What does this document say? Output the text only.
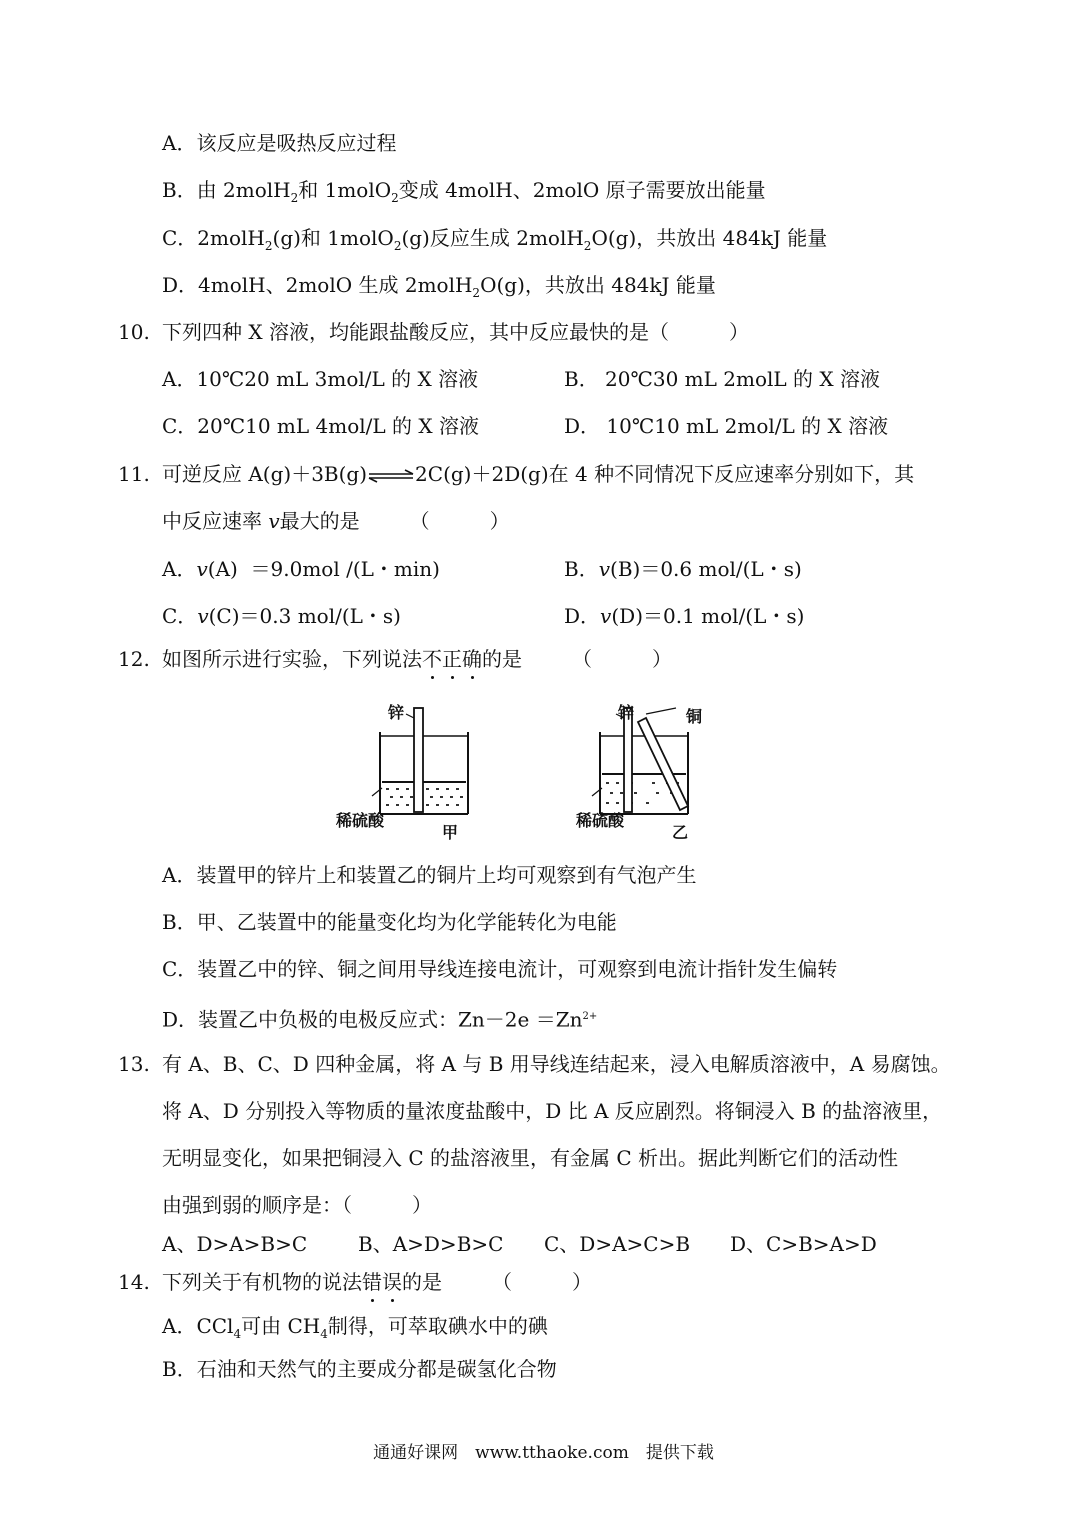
A．该反应是吸热反应过程
B．由 2molH$_2$和 1molO$_2$变成 4molH、2molO 原子需要放出能量
C．2molH$_2$(g)和 1molO$_2$(g)反应生成 2molH$_2$O(g)，共放出 484kJ 能量
D．4molH、2molO 生成 2molH$_2$O(g)，共放出 484kJ 能量
10. 下列四种 X 溶液，均能跟盐酸反应，其中反应最快的是（　　　）
A．10℃20 mL 3mol/L 的 X 溶液	B． 20℃30 mL 2molL 的 X 溶液
C．20℃10 mL 4mol/L 的 X 溶液	D． 10℃10 mL 2mol/L 的 X 溶液
11. 可逆反应 A(g)＋3B(g)⇌2C(g)＋2D(g)在 4 种不同情况下反应速率分别如下，其
中反应速率 v最大的是　　　（　　　）
A．v(A)  ＝9.0mol /(L・min)	B．v(B)＝0.6 mol/(L・s)
C．v(C)＝0.3 mol/(L・s)	D．v(D)＝0.1 mol/(L・s)
12. 如图所示进行实验，下列说法不正确的是　　　（　　　）
锌
稀硫酸
甲
锌	铜
稀硫酸
乙
A．装置甲的锌片上和装置乙的铜片上均可观察到有气泡产生
B．甲、乙装置中的能量变化均为化学能转化为电能
C．装置乙中的锌、铜之间用导线连接电流计，可观察到电流计指针发生偏转
D．装置乙中负极的电极反应式：$Zn-2e =Zn^{2+}$
13. 有 A、B、C、D 四种金属，将 A 与 B 用导线连结起来，浸入电解质溶液中，A 易腐蚀。
将 A、D 分别投入等物质的量浓度盐酸中，D 比 A 反应剧烈。将铜浸入 B 的盐溶液里，
无明显变化，如果把铜浸入 C 的盐溶液里，有金属 C 析出。据此判断它们的活动性
由强到弱的顺序是：（　　　）
A、D>A>B>C	B、A>D>B>C C、D>A>C>B D、C>B>A>D
14. 下列关于有机物的说法错误的是　　　（　　　）
A．CCl$_4$可由 $CH_4$制得，可萃取碘水中的碘
B．石油和天然气的主要成分都是碳氢化合物
通通好课网　www.tthaoke.com　提供下载
